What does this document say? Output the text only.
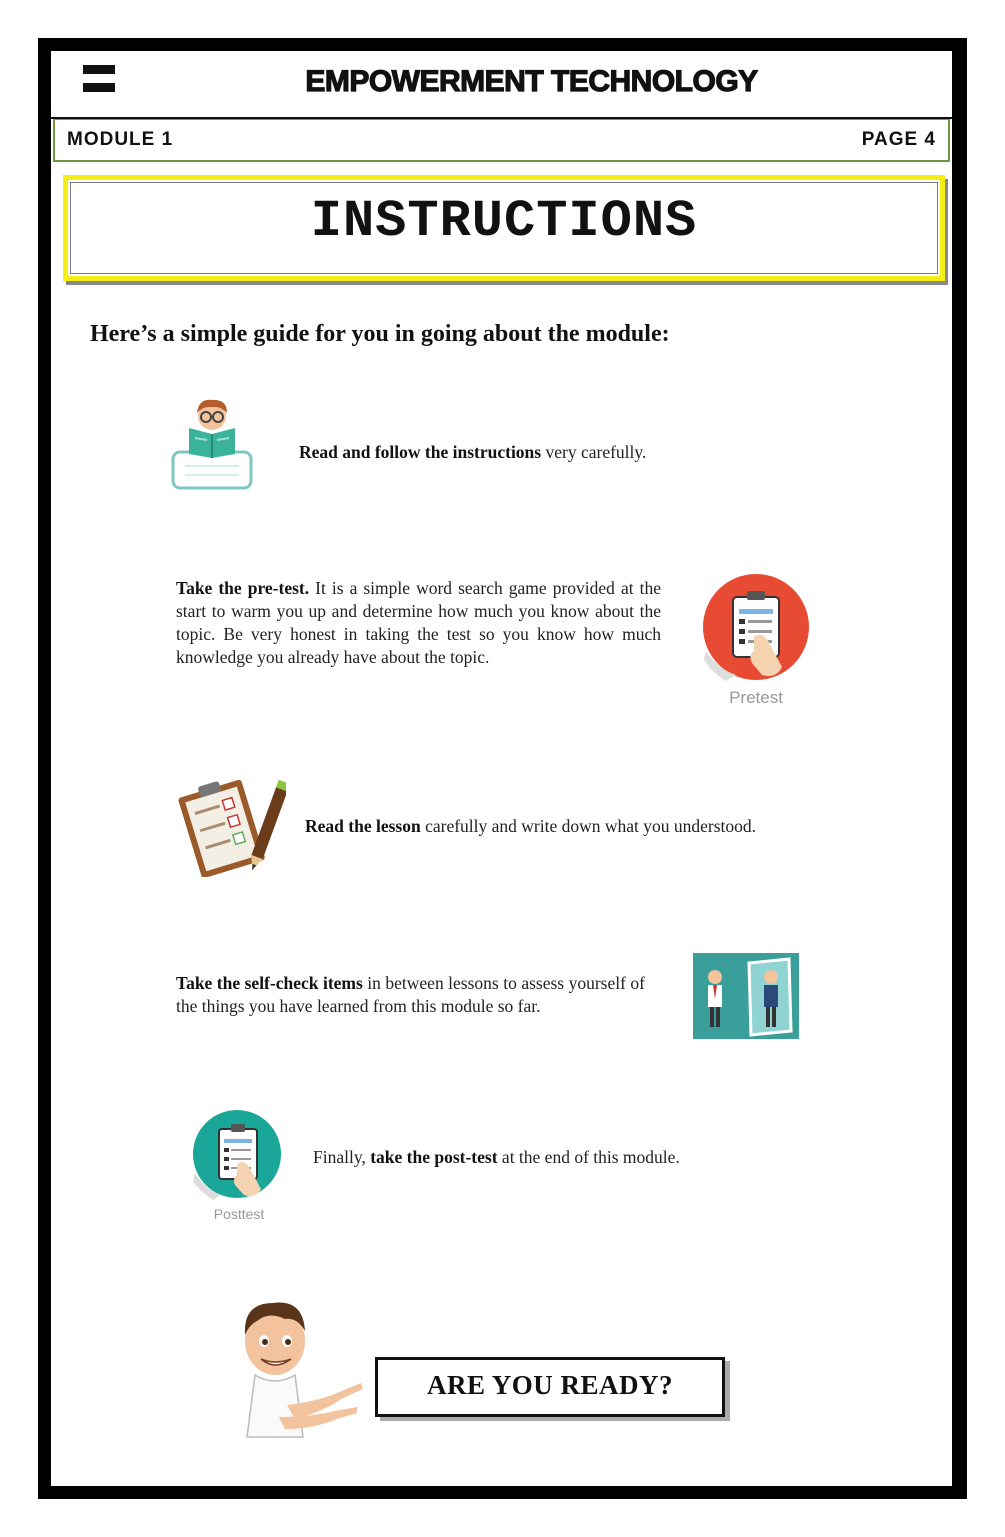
EMPOWERMENT TECHNOLOGY
MODULE 1	PAGE 4
INSTRUCTIONS
Here’s a simple guide for you in going about the module:
Read and follow the instructions very carefully.
Take the pre-test. It is a simple word search game provided at the start to warm you up and determine how much you know about the topic. Be very honest in taking the test so you know how much knowledge you already have about the topic.
Pretest
Read the lesson carefully and write down what you understood.
Take the self-check items in between lessons to assess yourself of the things you have learned from this module so far.
Posttest
Finally, take the post-test at the end of this module.
ARE YOU READY?
